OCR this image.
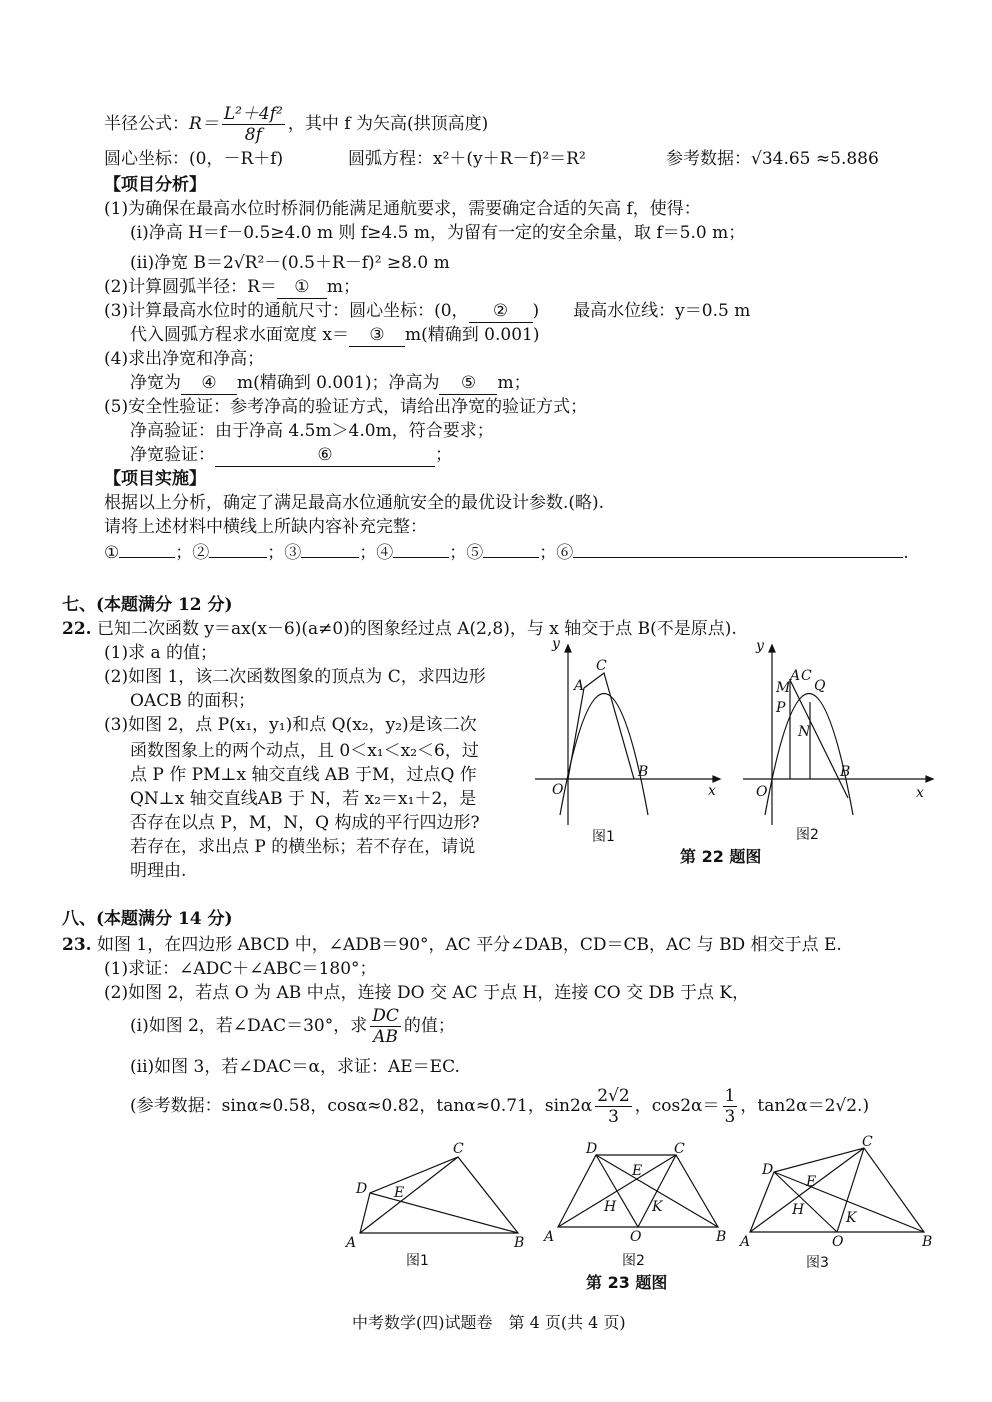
半径公式：$R= \frac{\text{L²＋4f²}}{8f}$ ，其中 f 为矢高(拱顶高度)
圆心坐标：(0，－R＋f)	圆弧方程：x²＋(y＋R－f)²＝R²	参考数据：√34.65 ≈5.886
【项目分析】
(1)为确保在最高水位时桥洞仍能满足通航要求，需要确定合适的矢高 f，使得：
(i)净高 H＝f－0.5≥4.0 m 则 f≥4.5 m，为留有一定的安全余量，取 f＝5.0 m；
(ii)净宽 B＝2√R²－(0.5＋R－f)² ≥8.0 m
(2)计算圆弧半径：R＝ ① m；
(3)计算最高水位时的通航尺寸：圆心坐标：(0， ② )　　最高水位线：y＝0.5 m
代入圆弧方程求水面宽度 x＝ ③ m(精确到 0.001)
(4)求出净宽和净高；
净宽为 ④ m(精确到 0.001)；净高为 ⑤ m；
(5)安全性验证：参考净高的验证方式，请给出净宽的验证方式；
净高验证：由于净高 4.5m＞4.0m，符合要求；
净宽验证：	⑥	；
【项目实施】
根据以上分析，确定了满足最高水位通航安全的最优设计参数.(略).
请将上述材料中横线上所缺内容补充完整：
①	；②	；③	；④	；⑤	；⑥	.
七、(本题满分 12 分)
22. 已知二次函数 y＝ax(x－6)(a≠0)的图象经过点 A(2,8)，与 x 轴交于点 B(不是原点).
(1)求 a 的值；
(2)如图 1，该二次函数图象的顶点为 C，求四边形
OACB 的面积；
(3)如图 2，点 P(x₁，y₁)和点 Q(x₂，y₂)是该二次
函数图象上的两个动点，且 0＜x₁＜x₂＜6，过
点 P 作 PM⊥x 轴交直线 AB 于M，过点Q 作
QN⊥x 轴交直线AB 于 N，若 x₂＝x₁＋2，是
否存在以点 P，M，N，Q 构成的平行四边形?
若存在，求出点 P 的横坐标；若不存在，请说
明理由.
y
x
O
A
B
C
图1
y
x
O
A
B
C
M
P
Q
N
图2
第 22 题图
八、(本题满分 14 分)
23. 如图 1，在四边形 ABCD 中，∠ADB＝90°，AC 平分∠DAB，CD＝CB，AC 与 BD 相交于点 E.
(1)求证：∠ADC＋∠ABC＝180°；
(2)如图 2，若点 O 为 AB 中点，连接 DO 交 AC 于点 H，连接 CO 交 DB 于点 K，
(i)如图 2，若∠DAC＝30°，求 $\frac{DC}{AB}$ 的值；
(ii)如图 3，若∠DAC＝α，求证：AE＝EC.
(参考数据：sinα≈0.58，cosα≈0.82，tanα≈0.71，$\sin 2\alpha \frac{2√2}{3}$ ，$\cos 2\alpha= \frac{1}{3}$ ，tan2α＝2√2.)
A	B
C
D E
图1
A	B
C
D
E
H	K
O
图2
第 23 题图
A	B
C
D
E
H	K
O
图3
中考数学(四)试题卷　第 4 页(共 4 页)
